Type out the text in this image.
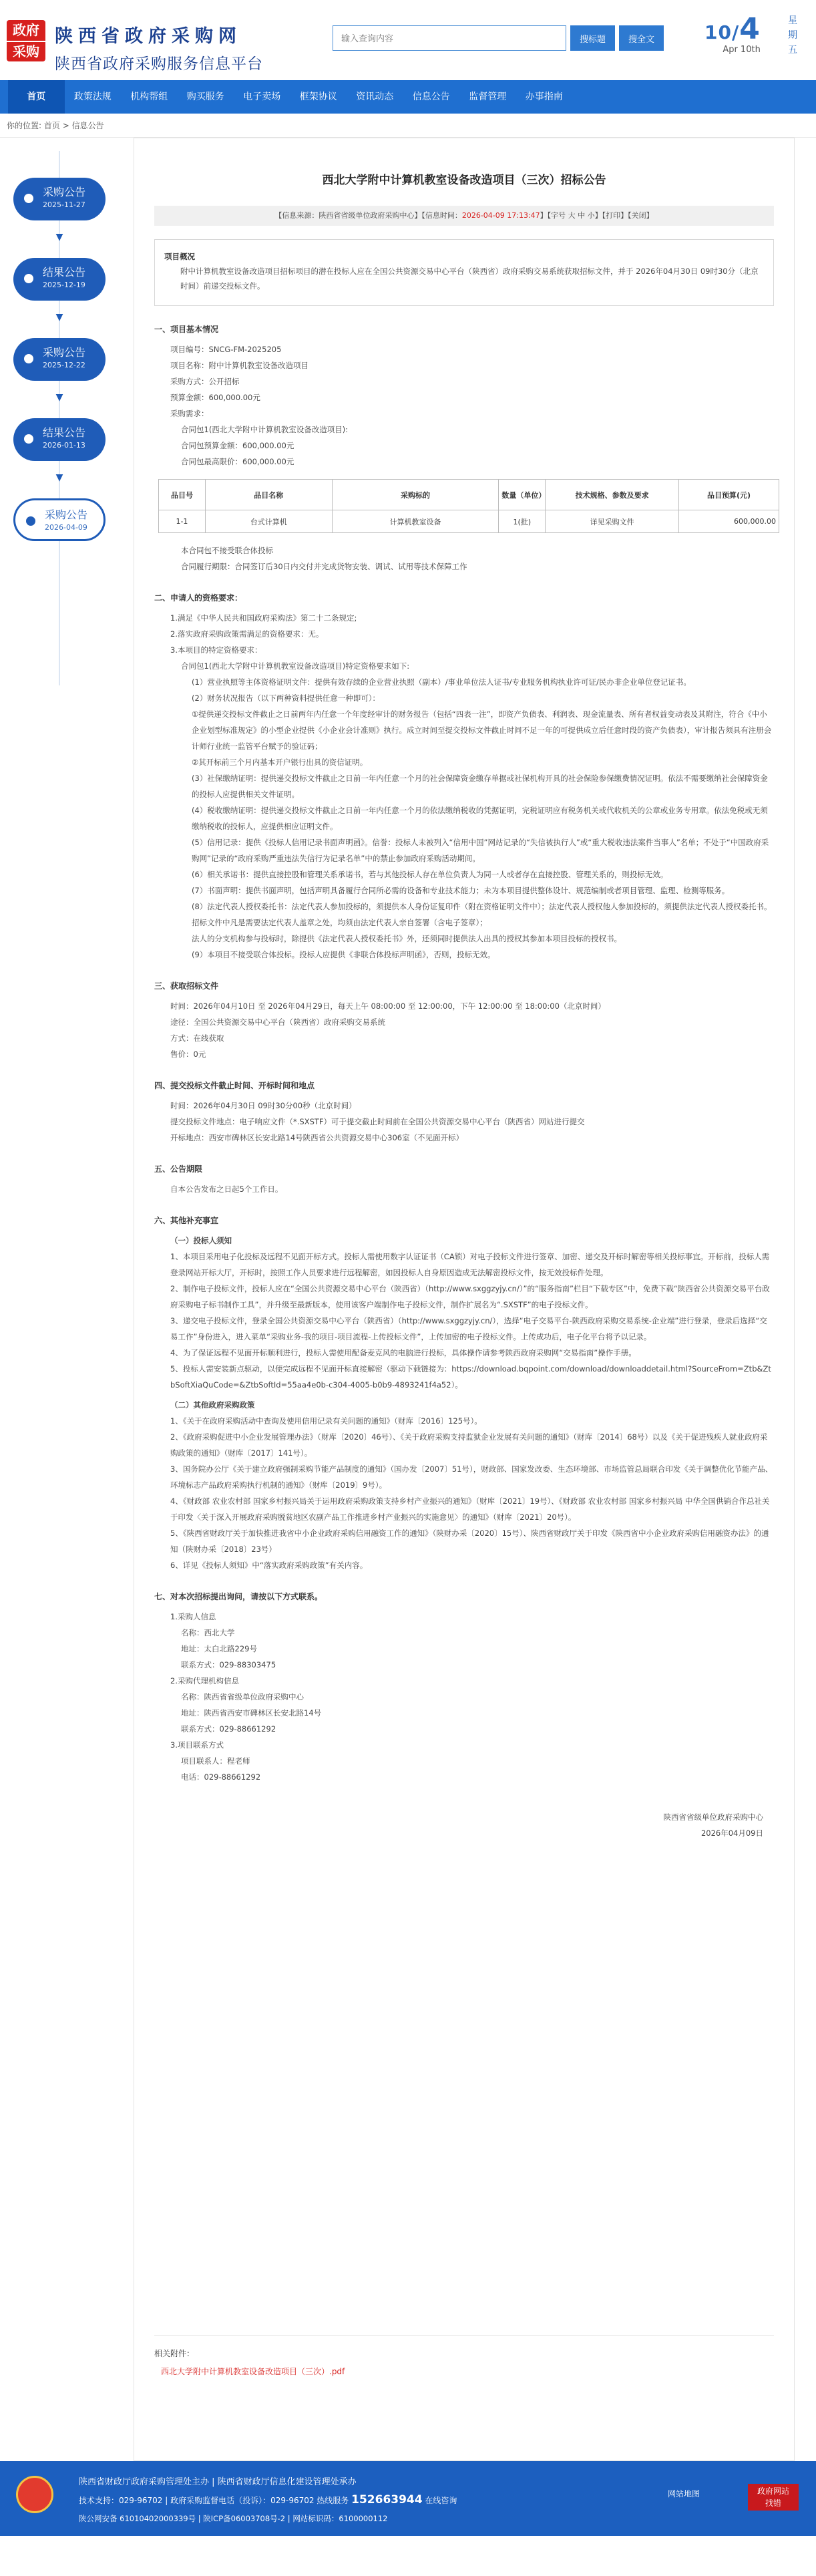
政府
采购
陕西省政府采购网
陕西省政府采购服务信息平台
输入查询内容
搜标题	搜全文	10/4
Apr 10th
星期五
首页	政策法规	机构帮组	购买服务	电子卖场	框架协议	资讯动态	信息公告	监督管理	办事指南
你的位置: 首页 > 信息公告
采购公告
2025-11-27
▼
结果公告
2025-12-19
▼
采购公告
2025-12-22
▼
结果公告
2026-01-13
▼
采购公告
2026-04-09
西北大学附中计算机教室设备改造项目（三次）招标公告
【信息来源：陕西省省级单位政府采购中心】【信息时间：2026-04-09 17:13:47】【字号 大 中 小】【打印】【关闭】
项目概况
附中计算机教室设备改造项目招标项目的潜在投标人应在全国公共资源交易中心平台（陕西省）政府采购交易系统获取招标文件，并于 2026年04月30日 09时30分（北京时间）前递交投标文件。
一、项目基本情况
项目编号：SNCG-FM-2025205
项目名称：附中计算机教室设备改造项目
采购方式：公开招标
预算金额：600,000.00元
采购需求：
合同包1(西北大学附中计算机教室设备改造项目):
合同包预算金额：600,000.00元
合同包最高限价：600,000.00元
品目号	品目名称	采购标的	数量（单位）	技术规格、参数及要求	品目预算(元)
1-1	台式计算机	计算机教室设备	1(批)	详见采购文件	600,000.00
本合同包不接受联合体投标
合同履行期限：合同签订后30日内交付并完成货物安装、调试、试用等技术保障工作
二、申请人的资格要求：
1.满足《中华人民共和国政府采购法》第二十二条规定;
2.落实政府采购政策需满足的资格要求：无。
3.本项目的特定资格要求：
合同包1(西北大学附中计算机教室设备改造项目)特定资格要求如下:
(1）营业执照等主体资格证明文件：提供有效存续的企业营业执照（副本）/事业单位法人证书/专业服务机构执业许可证/民办非企业单位登记证书。
(2）财务状况报告（以下两种资料提供任意一种即可）：
①提供递交投标文件截止之日前两年内任意一个年度经审计的财务报告（包括“四表一注”，即资产负债表、利润表、现金流量表、所有者权益变动表及其附注，符合《中小企业划型标准规定》的小型企业提供《小企业会计准则》执行。成立时间至提交投标文件截止时间不足一年的可提供成立后任意时段的资产负债表），审计报告须具有注册会计师行业统一监管平台赋予的验证码；
②其开标前三个月内基本开户银行出具的资信证明。
(3）社保缴纳证明：提供递交投标文件截止之日前一年内任意一个月的社会保障资金缴存单据或社保机构开具的社会保险参保缴费情况证明。依法不需要缴纳社会保障资金的投标人应提供相关文件证明。
(4）税收缴纳证明：提供递交投标文件截止之日前一年内任意一个月的依法缴纳税收的凭据证明，完税证明应有税务机关或代收机关的公章或业务专用章。依法免税或无须缴纳税收的投标人，应提供相应证明文件。
(5）信用记录：提供《投标人信用记录书面声明函》。信誉：投标人未被列入“信用中国”网站记录的“失信被执行人”或“重大税收违法案件当事人”名单；不处于“中国政府采购网”记录的“政府采购严重违法失信行为记录名单”中的禁止参加政府采购活动期间。
(6）相关承诺书：提供直接控股和管理关系承诺书，若与其他投标人存在单位负责人为同一人或者存在直接控股、管理关系的，则投标无效。
(7）书面声明：提供书面声明，包括声明具备履行合同所必需的设备和专业技术能力；未为本项目提供整体设计、规范编制或者项目管理、监理、检测等服务。
(8）法定代表人授权委托书：法定代表人参加投标的，须提供本人身份证复印件（附在资格证明文件中）；法定代表人授权他人参加投标的，须提供法定代表人授权委托书。招标文件中凡是需要法定代表人盖章之处，均须由法定代表人亲自签署（含电子签章）；
法人的分支机构参与投标时，除提供《法定代表人授权委托书》外，还须同时提供法人出具的授权其参加本项目投标的授权书。
(9）本项目不接受联合体投标。投标人应提供《非联合体投标声明函》，否则，投标无效。
三、获取招标文件
时间：2026年04月10日 至 2026年04月29日，每天上午 08:00:00 至 12:00:00，下午 12:00:00 至 18:00:00（北京时间）
途径：全国公共资源交易中心平台（陕西省）政府采购交易系统
方式：在线获取
售价：0元
四、提交投标文件截止时间、开标时间和地点
时间：2026年04月30日 09时30分00秒（北京时间）
提交投标文件地点：电子响应文件（*.SXSTF）可于提交截止时间前在全国公共资源交易中心平台（陕西省）网站进行提交
开标地点：西安市碑林区长安北路14号陕西省公共资源交易中心306室（不见面开标）
五、公告期限
自本公告发布之日起5个工作日。
六、其他补充事宜
（一）投标人须知
1、本项目采用电子化投标及远程不见面开标方式。投标人需使用数字认证证书（CA锁）对电子投标文件进行签章、加密、递交及开标时解密等相关投标事宜。开标前，投标人需登录网站开标大厅，开标时，按照工作人员要求进行远程解密，如因投标人自身原因造成无法解密投标文件，按无效投标件处理。
2、制作电子投标文件，投标人应在“全国公共资源交易中心平台（陕西省）（http://www.sxggzyjy.cn/）”的“服务指南”栏目“下载专区”中，免费下载“陕西省公共资源交易平台政府采购电子标书制作工具”，并升级至最新版本，使用该客户端制作电子投标文件，制作扩展名为“.SXSTF”的电子投标文件。
3、递交电子投标文件，登录全国公共资源交易中心平台（陕西省）（http://www.sxggzyjy.cn/），选择“电子交易平台-陕西政府采购交易系统-企业端”进行登录，登录后选择“交易工作”身份进入，进入菜单“采购业务-我的项目-项目流程-上传投标文件”，上传加密的电子投标文件。上传成功后，电子化平台将予以记录。
4、为了保证远程不见面开标顺利进行，投标人需使用配备麦克风的电脑进行投标，具体操作请参考陕西政府采购网“交易指南”操作手册。
5、投标人需安装新点驱动，以便完成远程不见面开标直接解密（驱动下载链接为：https://download.bqpoint.com/download/downloaddetail.html?SourceFrom=Ztb&ZtbSoftXiaQuCode=&ZtbSoftId=55aa4e0b-c304-4005-b0b9-4893241f4a52）。
（二）其他政府采购政策
1、《关于在政府采购活动中查询及使用信用记录有关问题的通知》（财库〔2016〕125号）。
2、《政府采购促进中小企业发展管理办法》（财库〔2020〕46号）、《关于政府采购支持监狱企业发展有关问题的通知》（财库〔2014〕68号）以及《关于促进残疾人就业政府采购政策的通知》（财库〔2017〕141号）。
3、国务院办公厅《关于建立政府强制采购节能产品制度的通知》（国办发〔2007〕51号），财政部、国家发改委、生态环境部、市场监管总局联合印发《关于调整优化节能产品、环境标志产品政府采购执行机制的通知》（财库〔2019〕9号）。
4、《财政部 农业农村部 国家乡村振兴局关于运用政府采购政策支持乡村产业振兴的通知》（财库〔2021〕19号）、《财政部 农业农村部 国家乡村振兴局 中华全国供销合作总社关于印发〈关于深入开展政府采购脱贫地区农副产品工作推进乡村产业振兴的实施意见〉的通知》（财库〔2021〕20号）。
5、《陕西省财政厅关于加快推进我省中小企业政府采购信用融资工作的通知》（陕财办采〔2020〕15号）、陕西省财政厅关于印发《陕西省中小企业政府采购信用融资办法》的通知（陕财办采〔2018〕23号）
6、详见《投标人须知》中“落实政府采购政策”有关内容。
七、对本次招标提出询问，请按以下方式联系。
1.采购人信息
名称：西北大学
地址：太白北路229号
联系方式：029-88303475
2.采购代理机构信息
名称：陕西省省级单位政府采购中心
地址：陕西省西安市碑林区长安北路14号
联系方式：029-88661292
3.项目联系方式
项目联系人：程老师
电话：029-88661292
陕西省省级单位政府采购中心
2026年04月09日
相关附件：
西北大学附中计算机教室设备改造项目（三次）.pdf
陕西省财政厅政府采购管理处主办 | 陕西省财政厅信息化建设管理处承办
技术支持：029-96702 | 政府采购监督电话（投诉）：029-96702 热线服务 152663944 在线咨询
陕公网安备 61010402000339号 | 陕ICP备06003708号-2 | 网站标识码：6100000112
网站地图	政府网站
找错
